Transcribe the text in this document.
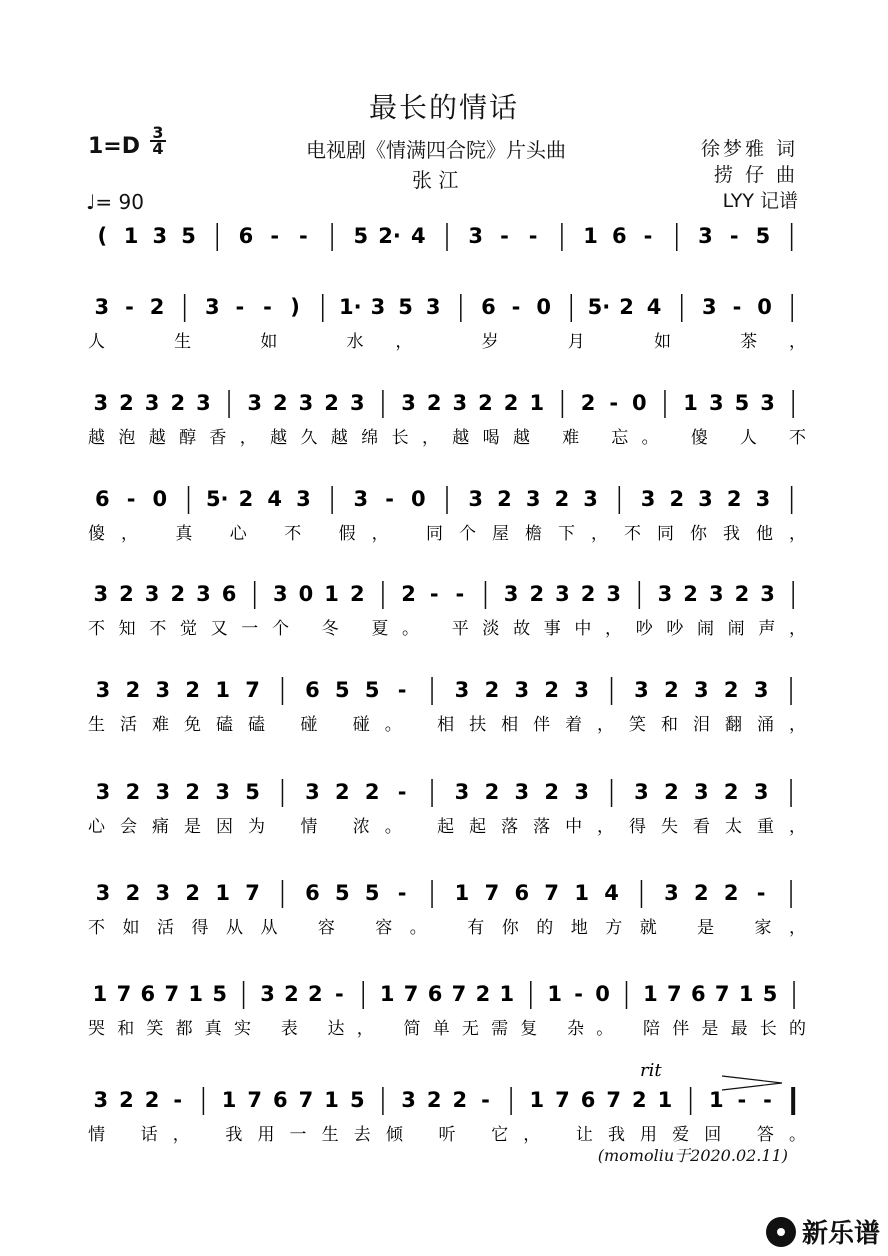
最长的情话
电视剧《情满四合院》片头曲
张 江
$1=D \frac{3}{4}$
♩= 90
徐梦雅 词
捞 仔 曲
LYY 记谱
( 1 3 5 6 - - 5 2· 4 3 - - 1 6 - 3 - 5
3 - 2 3 - - ) 1· 3 5 3 6 - 0 5· 2 4 3 - 0
人 生 如 水， 岁 月 如 茶，
3 2 3 2 3 3 2 3 2 3 3 2 3 2 2 1 2 - 0 1 3 5 3
越泡越醇香，越久越绵长，越喝越 难 忘。 傻 人 不
6 - 0 5· 2 4 3 3 - 0 3 2 3 2 3 3 2 3 2 3
傻， 真 心 不 假， 同个屋檐下，不同你我他，
3 2 3 2 3 6 3 0 1 2 2 - - 3 2 3 2 3 3 2 3 2 3
不知不觉又一个 冬 夏。 平淡故事中，吵吵闹闹声，
3 2 3 2 1 7 6 5 5 - 3 2 3 2 3 3 2 3 2 3
生活难免磕磕 碰 碰。 相扶相伴着，笑和泪翻涌，
3 2 3 2 3 5 3 2 2 - 3 2 3 2 3 3 2 3 2 3
心会痛是因为 情 浓。 起起落落中，得失看太重，
3 2 3 2 1 7 6 5 5 - 1 7 6 7 1 4 3 2 2 -
不如活得从从 容 容。 有你的地方就 是 家，
1 7 6 7 1 5 3 2 2 - 1 7 6 7 2 1 1 - 0 1 7 6 7 1 5
哭和笑都真实 表 达， 简单无需复 杂。 陪伴是最长的
3 2 2 - 1 7 6 7 1 5 3 2 2 - 1 7 6 7 2 1 1 - -
情 话， 我用一生去倾 听 它， 让我用爱回 答。
rit
(momoliu于2020.02.11)
新乐谱
